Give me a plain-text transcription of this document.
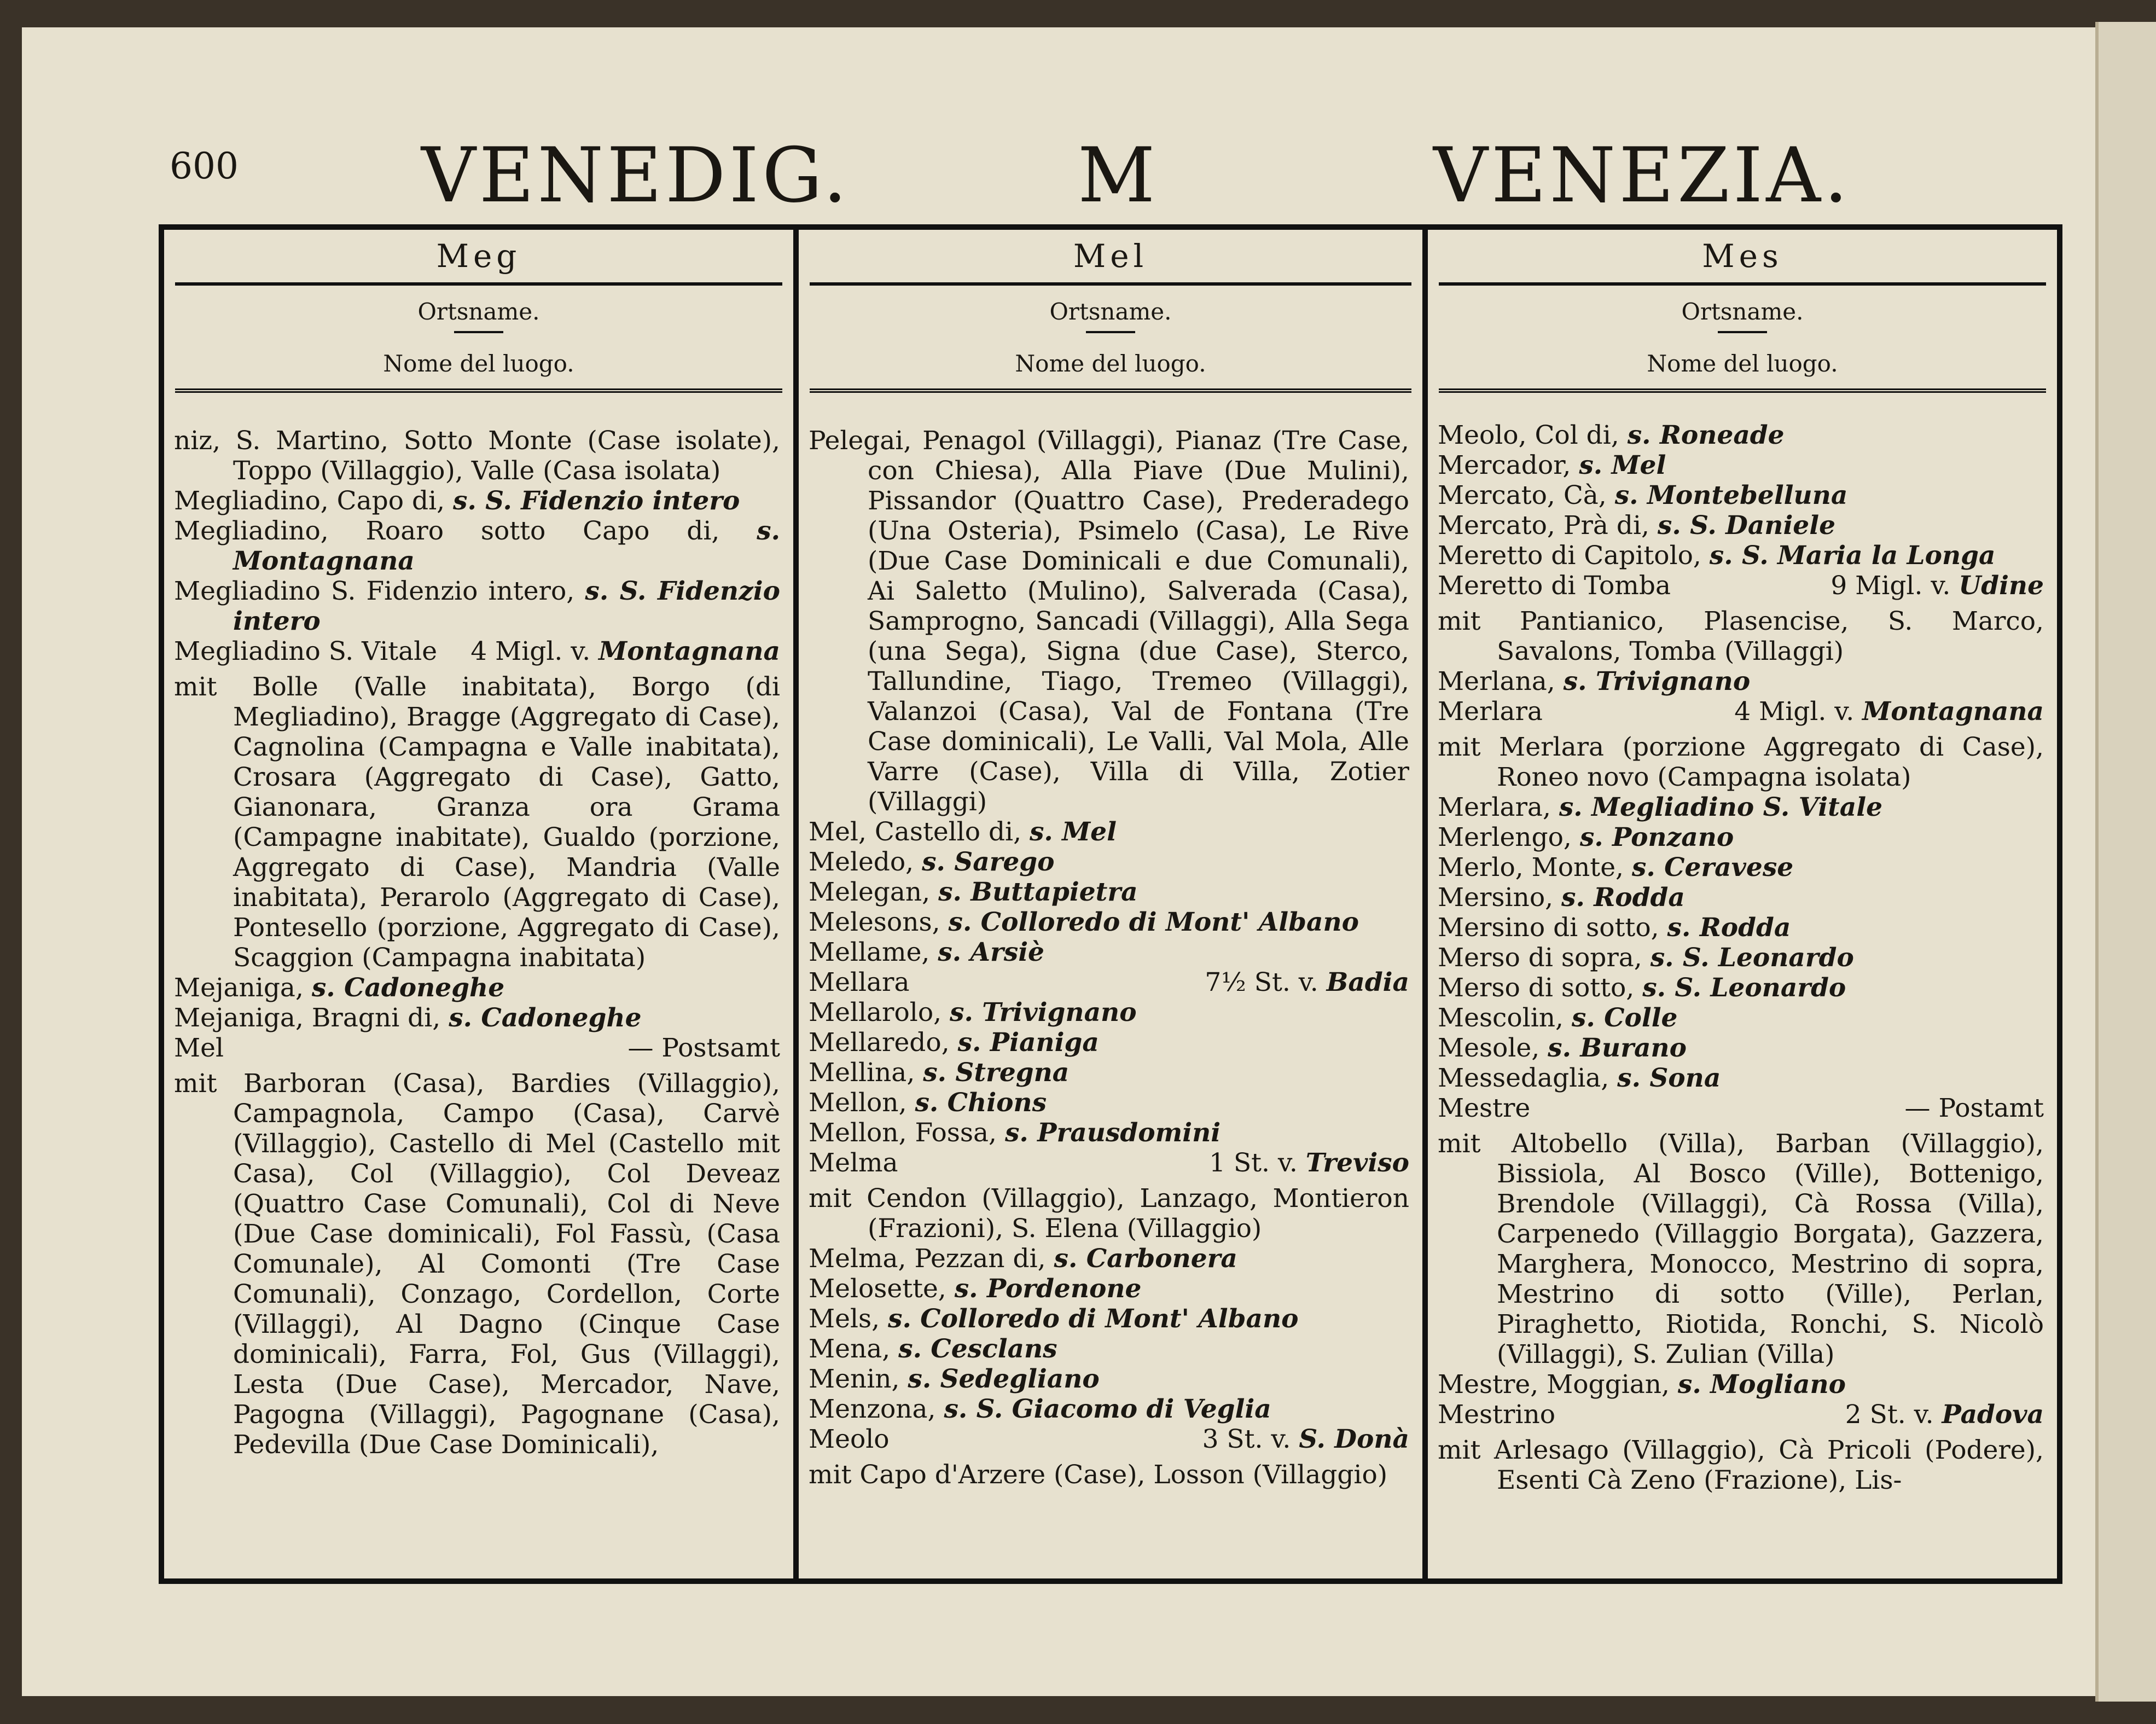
600 VENEDIG.	M	VENEZIA.
Meg
Ortsname.
Nome del luogo.

niz, S. Martino, Sotto Monte (Case isolate), Toppo (Villaggio), Valle (Casa isolata)

Megliadino, Capo di, s. S. Fidenzio intero

Megliadino, Roaro sotto Capo di, s. Montagnana

Megliadino S. Fidenzio intero, s. S. Fidenzio intero

Megliadino S. Vitale 4 Migl. v. Montagnana

mit Bolle (Valle inabitata), Borgo (di Megliadino), Bragge (Aggregato di Case), Cagnolina (Campagna e Valle inabitata), Crosara (Aggregato di Case), Gatto, Gianonara, Granza ora Grama (Campagne inabitate), Gualdo (porzione, Aggregato di Case), Mandria (Valle inabitata), Perarolo (Aggregato di Case), Pontesello (porzione, Aggregato di Case), Scaggion (Campagna inabitata)

Mejaniga, s. Cadoneghe

Mejaniga, Bragni di, s. Cadoneghe

Mel	— Postsamt

mit Barboran (Casa), Bardies (Villaggio), Campagnola, Campo (Casa), Carvè (Villaggio), Castello di Mel (Castello mit Casa), Col (Villaggio), Col Deveaz (Quattro Case Comunali), Col di Neve (Due Case dominicali), Fol Fassù, (Casa Comunale), Al Comonti (Tre Case Comunali), Conzago, Cordellon, Corte (Villaggi), Al Dagno (Cinque Case dominicali), Farra, Fol, Gus (Villaggi), Lesta (Due Case), Mercador, Nave, Pagogna (Villaggi), Pagognane (Casa), Pedevilla (Due Case Dominicali),

Mel
Ortsname.
Nome del luogo.

Pelegai, Penagol (Villaggi), Pianaz (Tre Case, con Chiesa), Alla Piave (Due Mulini), Pissandor (Quattro Case), Prederadego (Una Osteria), Psimelo (Casa), Le Rive (Due Case Dominicali e due Comunali), Ai Saletto (Mulino), Salverada (Casa), Samprogno, Sancadi (Villaggi), Alla Sega (una Sega), Signa (due Case), Sterco, Tallundine, Tiago, Tremeo (Villaggi), Valanzoi (Casa), Val de Fontana (Tre Case dominicali), Le Valli, Val Mola, Alle Varre (Case), Villa di Villa, Zotier (Villaggi)

Mel, Castello di, s. Mel

Meledo, s. Sarego

Melegan, s. Buttapietra

Melesons, s. Colloredo di Mont' Albano

Mellame, s. Arsiè

Mellara	7½ St. v. Badia

Mellarolo, s. Trivignano

Mellaredo, s. Pianiga

Mellina, s. Stregna

Mellon, s. Chions

Mellon, Fossa, s. Prausdomini

Melma	1 St. v. Treviso

mit Cendon (Villaggio), Lanzago, Montieron (Frazioni), S. Elena (Villaggio)

Melma, Pezzan di, s. Carbonera

Melosette, s. Pordenone

Mels, s. Colloredo di Mont' Albano

Mena, s. Cesclans

Menin, s. Sedegliano

Menzona, s. S. Giacomo di Veglia

Meolo	3 St. v. S. Donà

mit Capo d'Arzere (Case), Losson (Villaggio)

Mes
Ortsname.
Nome del luogo.

Meolo, Col di, s. Roneade

Mercador, s. Mel

Mercato, Cà, s. Montebelluna

Mercato, Prà di, s. S. Daniele

Meretto di Capitolo, s. S. Maria la Longa

Meretto di Tomba	9 Migl. v. Udine

mit Pantianico, Plasencise, S. Marco, Savalons, Tomba (Villaggi)

Merlana, s. Trivignano

Merlara	4 Migl. v. Montagnana

mit Merlara (porzione Aggregato di Case), Roneo novo (Campagna isolata)

Merlara, s. Megliadino S. Vitale

Merlengo, s. Ponzano

Merlo, Monte, s. Ceravese

Mersino, s. Rodda

Mersino di sotto, s. Rodda

Merso di sopra, s. S. Leonardo

Merso di sotto, s. S. Leonardo

Mescolin, s. Colle

Mesole, s. Burano

Messedaglia, s. Sona

Mestre	— Postamt

mit Altobello (Villa), Barban (Villaggio), Bissiola, Al Bosco (Ville), Bottenigo, Brendole (Villaggi), Cà Rossa (Villa), Carpenedo (Villaggio Borgata), Gazzera, Marghera, Monocco, Mestrino di sopra, Mestrino di sotto (Ville), Perlan, Piraghetto, Riotida, Ronchi, S. Nicolò (Villaggi), S. Zulian (Villa)

Mestre, Moggian, s. Mogliano

Mestrino	2 St. v. Padova

mit Arlesago (Villaggio), Cà Pricoli (Podere), Esenti Cà Zeno (Frazione), Lis-
